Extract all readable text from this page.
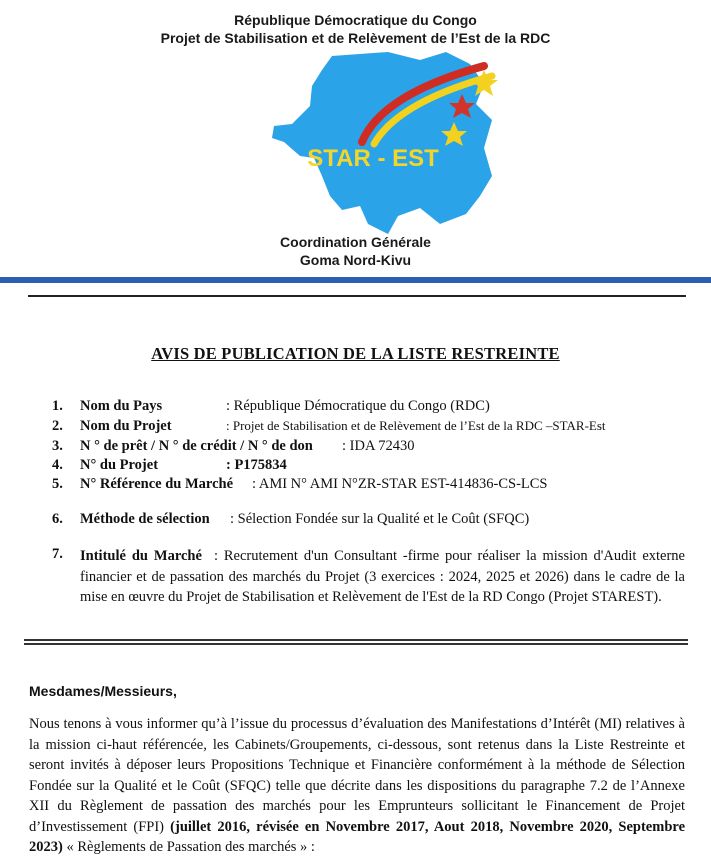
République Démocratique du Congo
Projet de Stabilisation et de Relèvement de l’Est de la RDC
STAR - EST
Coordination Générale
Goma Nord-Kivu
AVIS DE PUBLICATION DE LA LISTE RESTREINTE
1. Nom du Pays	: République Démocratique du Congo (RDC)
2. Nom du Projet	: Projet de Stabilisation et de Relèvement de l’Est de la RDC –STAR-Est
3. N ° de prêt / N ° de crédit / N ° de don : IDA 72430
4. N° du Projet	: P175834
5. N° Référence du Marché : AMI N° AMI N°ZR-STAR EST-414836-CS-LCS
6. Méthode de sélection : Sélection Fondée sur la Qualité et le Coût (SFQC)
7. Intitulé du Marché : Recrutement d'un Consultant -firme pour réaliser la mission d'Audit externe financier et de passation des marchés du Projet (3 exercices : 2024, 2025 et 2026) dans le cadre de la mise en œuvre du Projet de Stabilisation et Relèvement de l'Est de la RD Congo (Projet STAREST).
Mesdames/Messieurs,
Nous tenons à vous informer qu’à l’issue du processus d’évaluation des Manifestations d’Intérêt (MI) relatives à la mission ci-haut référencée, les Cabinets/Groupements, ci-dessous, sont retenus dans la Liste Restreinte et seront invités à déposer leurs Propositions Technique et Financière conformément à la méthode de Sélection Fondée sur la Qualité et le Coût (SFQC) telle que décrite dans les dispositions du paragraphe 7.2 de l’Annexe XII du Règlement de passation des marchés pour les Emprunteurs sollicitant le Financement de Projet d’Investissement (FPI) (juillet 2016, révisée en Novembre 2017, Aout 2018, Novembre 2020, Septembre 2023) « Règlements de Passation des marchés » :
